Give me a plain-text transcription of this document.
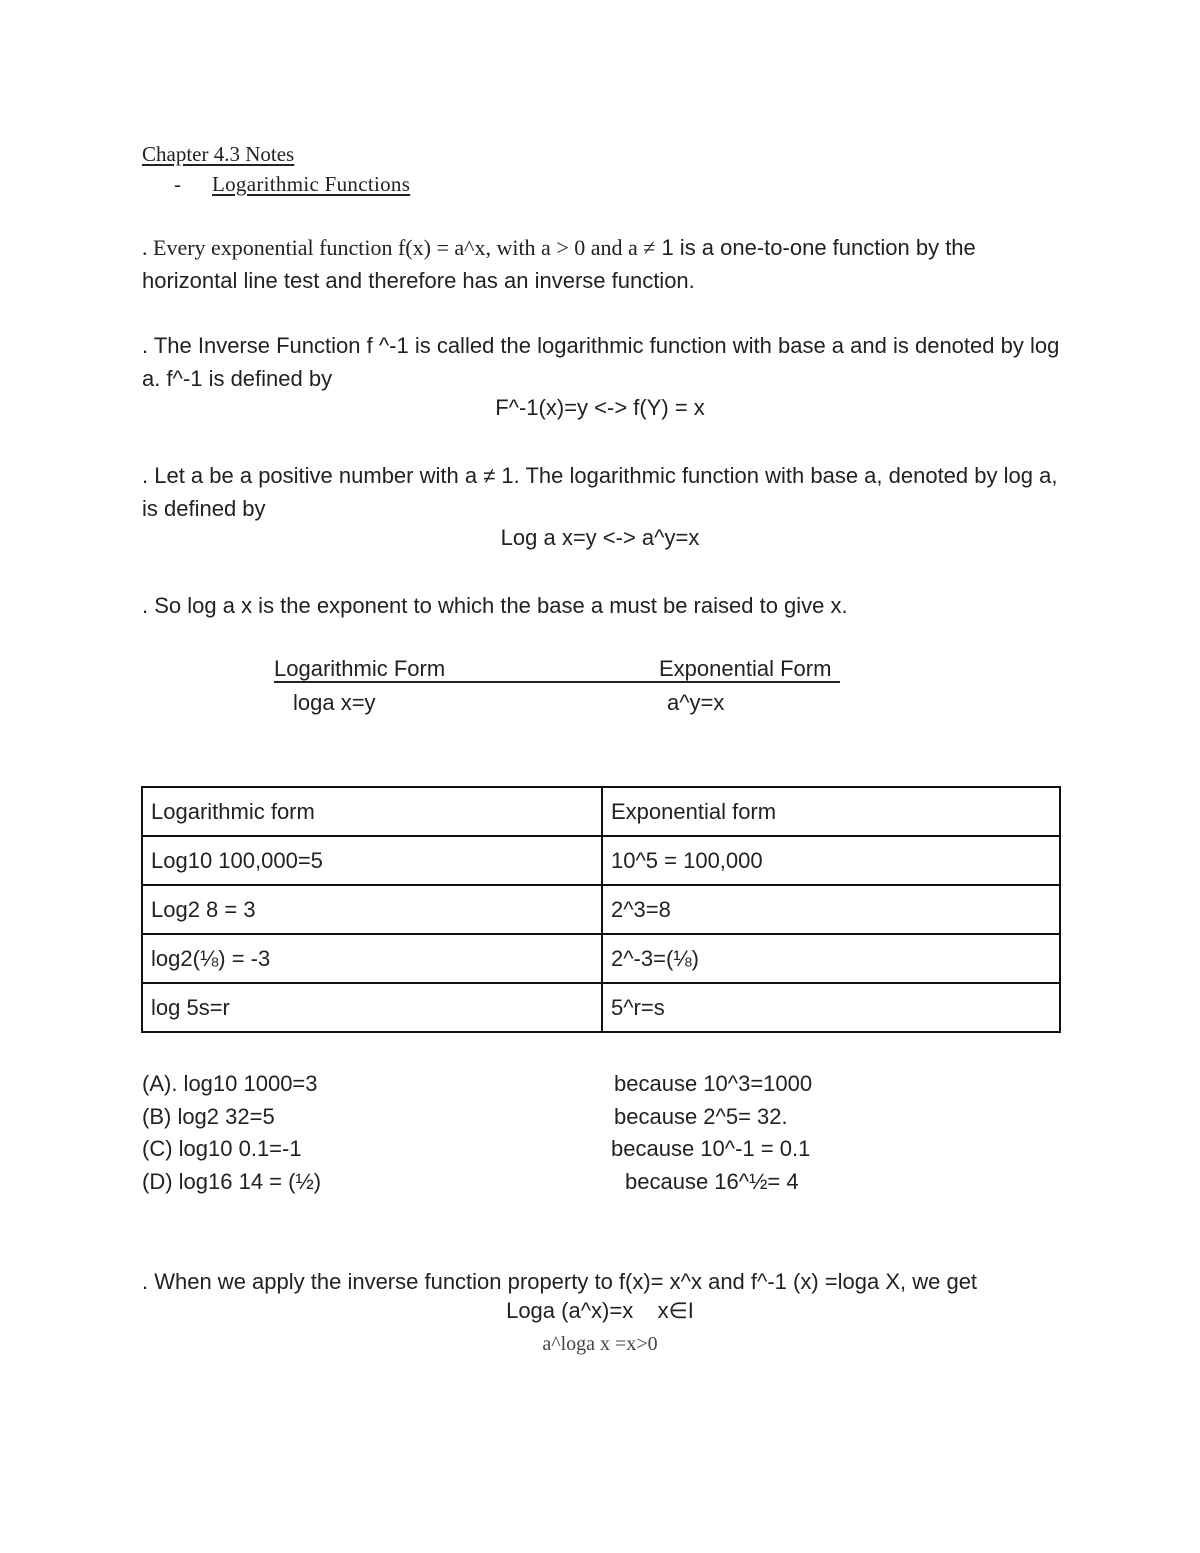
Chapter 4.3 Notes
- Logarithmic Functions
. Every exponential function f(x) = a^x, with a > 0 and a ≠ 1 is a one-to-one function by the horizontal line test and therefore has an inverse function.
. The Inverse Function f ^-1 is called the logarithmic function with base a and is denoted by log a. f^-1 is defined by
F^-1(x)=y <-> f(Y) = x
. Let a be a positive number with a ≠ 1. The logarithmic function with base a, denoted by log a, is defined by
Log a x=y <-> a^y=x
. So log a x is the exponent to which the base a must be raised to give x.
Logarithmic Form	Exponential Form
loga x=y	a^y=x
Logarithmic form	Exponential form
Log10 100,000=5	10^5 = 100,000
Log2 8 = 3	2^3=8
log2(⅛) = -3	2^-3=(⅛)
log 5s=r	5^r=s
(A). log10 1000=3	because 10^3=1000
(B) log2 32=5	because 2^5= 32.
(C) log10 0.1=-1	because 10^-1 = 0.1
(D) log16 14 = (½)	because 16^½= 4
. When we apply the inverse function property to f(x)= x^x and f^-1 (x) =loga X, we get
Loga (a^x)=x    x∈I
a^loga x =x>0
